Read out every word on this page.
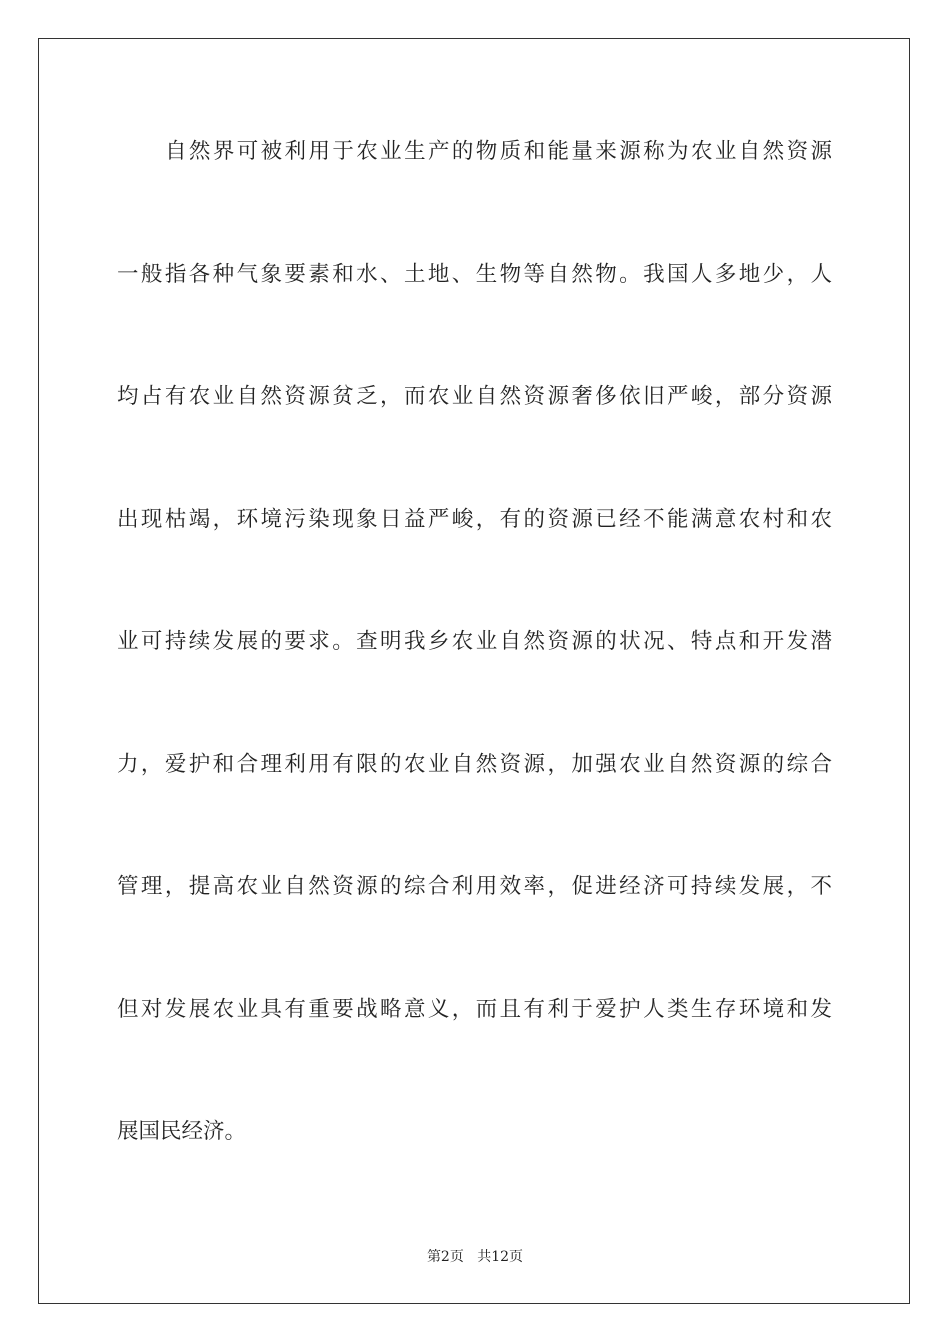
自然界可被利用于农业生产的物质和能量来源称为农业自然资源
一般指各种气象要素和水、土地、生物等自然物。我国人多地少，人
均占有农业自然资源贫乏，而农业自然资源奢侈依旧严峻，部分资源
出现枯竭，环境污染现象日益严峻，有的资源已经不能满意农村和农
业可持续发展的要求。查明我乡农业自然资源的状况、特点和开发潜
力，爱护和合理利用有限的农业自然资源，加强农业自然资源的综合
管理，提高农业自然资源的综合利用效率，促进经济可持续发展，不
但对发展农业具有重要战略意义，而且有利于爱护人类生存环境和发
展国民经济。
第2页 共12页
